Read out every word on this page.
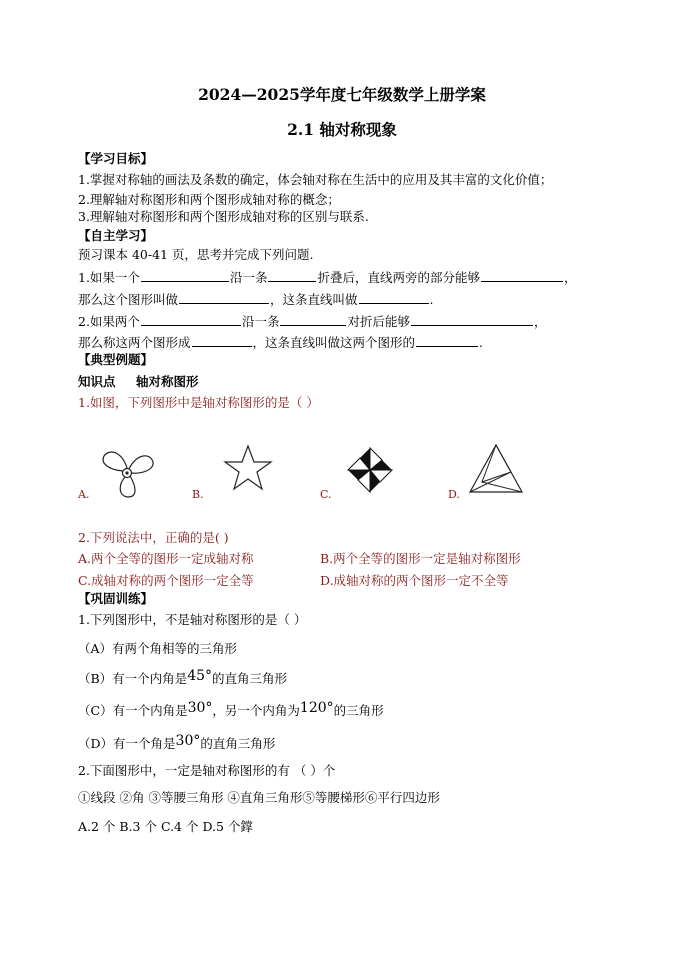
2024—2025学年度七年级数学上册学案
2.1 轴对称现象
【学习目标】
1.掌握对称轴的画法及条数的确定，体会轴对称在生活中的应用及其丰富的文化价值；
2.理解轴对称图形和两个图形成轴对称的概念；
3.理解轴对称图形和两个图形成轴对称的区别与联系.
【自主学习】
预习课本 40-41 页，思考并完成下列问题.
1.如果一个	沿一条	折叠后，直线两旁的部分能够	，
那么这个图形叫做	，这条直线叫做	.
2.如果两个	沿一条	对折后能够	，
那么称这两个图形成	，这条直线叫做这两个图形的	.
【典型例题】
知识点 轴对称图形
1.如图，下列图形中是轴对称图形的是（ ）
A.	B.	C.	D.
2.下列说法中，正确的是( )
A.两个全等的图形一定成轴对称	B.两个全等的图形一定是轴对称图形
C.成轴对称的两个图形一定全等	D.成轴对称的两个图形一定不全等
【巩固训练】
1.下列图形中，不是轴对称图形的是（ ）
（A）有两个角相等的三角形
（B）有一个内角是45°的直角三角形
（C）有一个内角是30°，另一个内角为120°的三角形
（D）有一个角是30°的直角三角形
2.下面图形中，一定是轴对称图形的有 （ ）个
①线段 ②角 ③等腰三角形 ④直角三角形⑤等腰梯形⑥平行四边形
A.2 个 B.3 个 C.4 个 D.5 个鐣
